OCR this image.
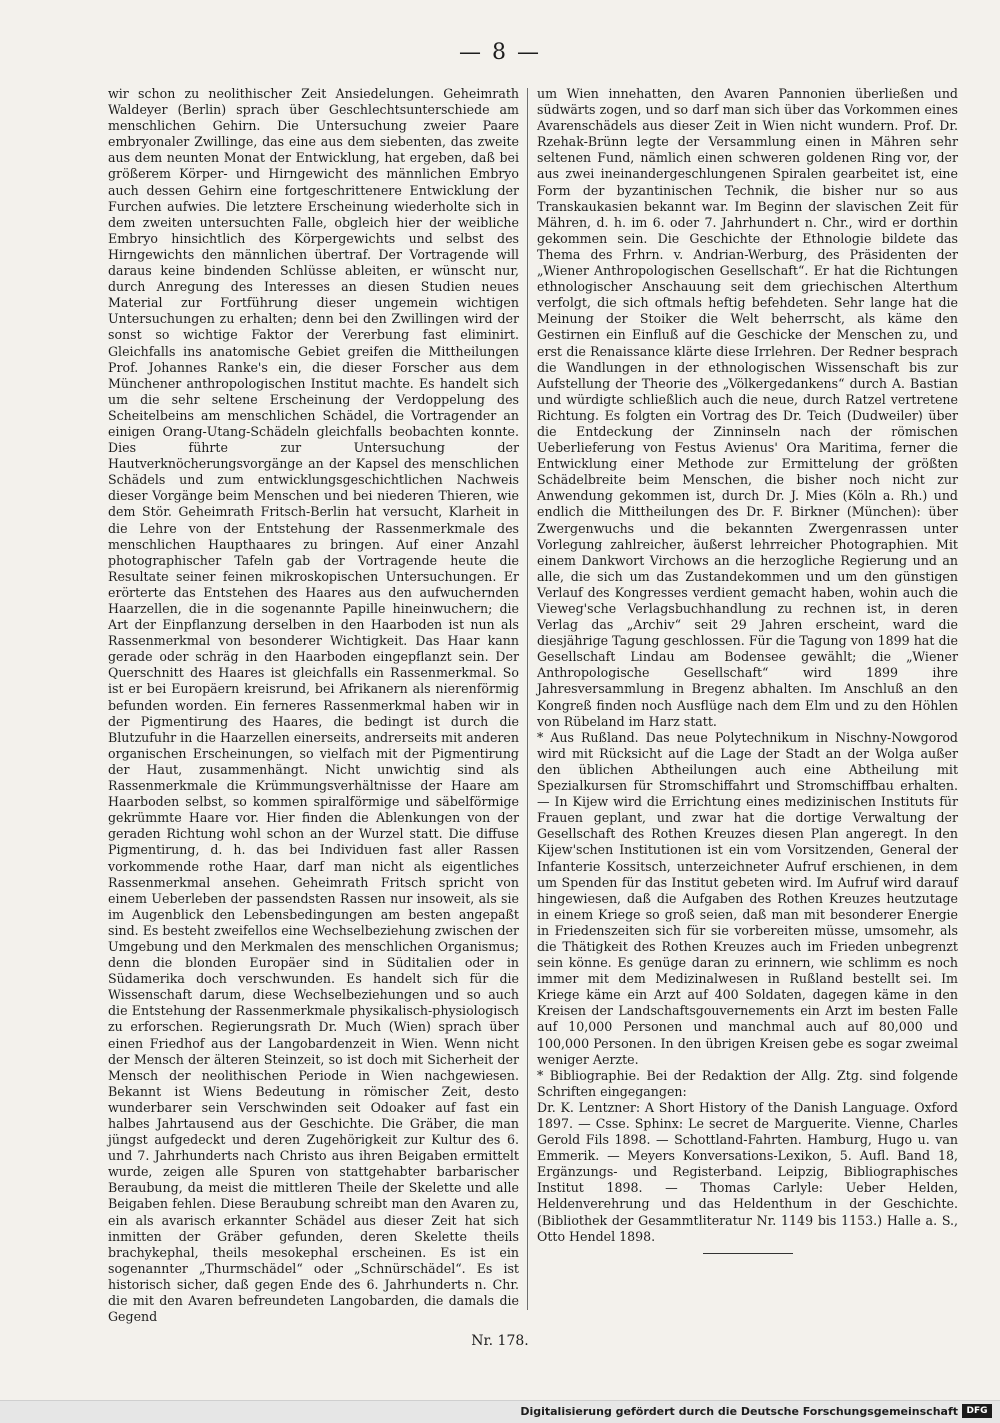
— 8 —

wir schon zu neolithischer Zeit Ansiedelungen. Geheimrath Waldeyer (Berlin) sprach über Geschlechtsunterschiede am menschlichen Gehirn. Die Untersuchung zweier Paare embryonaler Zwillinge, das eine aus dem siebenten, das zweite aus dem neunten Monat der Entwicklung, hat ergeben, daß bei größerem Körper- und Hirngewicht des männlichen Embryo auch dessen Gehirn eine fortgeschrittenere Entwicklung der Furchen aufwies. Die letztere Erscheinung wiederholte sich in dem zweiten untersuchten Falle, obgleich hier der weibliche Embryo hinsichtlich des Körpergewichts und selbst des Hirngewichts den männlichen übertraf. Der Vortragende will daraus keine bindenden Schlüsse ableiten, er wünscht nur, durch Anregung des Interesses an diesen Studien neues Material zur Fortführung dieser ungemein wichtigen Untersuchungen zu erhalten; denn bei den Zwillingen wird der sonst so wichtige Faktor der Vererbung fast eliminirt. Gleichfalls ins anatomische Gebiet greifen die Mittheilungen Prof. Johannes Ranke's ein, die dieser Forscher aus dem Münchener anthropologischen Institut machte. Es handelt sich um die sehr seltene Erscheinung der Verdoppelung des Scheitelbeins am menschlichen Schädel, die Vortragender an einigen Orang-Utang-Schädeln gleichfalls beobachten konnte. Dies führte zur Untersuchung der Hautverknöcherungsvorgänge an der Kapsel des menschlichen Schädels und zum entwicklungsgeschichtlichen Nachweis dieser Vorgänge beim Menschen und bei niederen Thieren, wie dem Stör. Geheimrath Fritsch-Berlin hat versucht, Klarheit in die Lehre von der Entstehung der Rassenmerkmale des menschlichen Haupthaares zu bringen. Auf einer Anzahl photographischer Tafeln gab der Vortragende heute die Resultate seiner feinen mikroskopischen Untersuchungen. Er erörterte das Entstehen des Haares aus den aufwuchernden Haarzellen, die in die sogenannte Papille hineinwuchern; die Art der Einpflanzung derselben in den Haarboden ist nun als Rassenmerkmal von besonderer Wichtigkeit. Das Haar kann gerade oder schräg in den Haarboden eingepflanzt sein. Der Querschnitt des Haares ist gleichfalls ein Rassenmerkmal. So ist er bei Europäern kreisrund, bei Afrikanern als nierenförmig befunden worden. Ein ferneres Rassenmerkmal haben wir in der Pigmentirung des Haares, die bedingt ist durch die Blutzufuhr in die Haarzellen einerseits, andrerseits mit anderen organischen Erscheinungen, so vielfach mit der Pigmentirung der Haut, zusammenhängt. Nicht unwichtig sind als Rassenmerkmale die Krümmungsverhältnisse der Haare am Haarboden selbst, so kommen spiralförmige und säbelförmige gekrümmte Haare vor. Hier finden die Ablenkungen von der geraden Richtung wohl schon an der Wurzel statt. Die diffuse Pigmentirung, d. h. das bei Individuen fast aller Rassen vorkommende rothe Haar, darf man nicht als eigentliches Rassenmerkmal ansehen. Geheimrath Fritsch spricht von einem Ueberleben der passendsten Rassen nur insoweit, als sie im Augenblick den Lebensbedingungen am besten angepaßt sind. Es besteht zweifellos eine Wechselbeziehung zwischen der Umgebung und den Merkmalen des menschlichen Organismus; denn die blonden Europäer sind in Süditalien oder in Südamerika doch verschwunden. Es handelt sich für die Wissenschaft darum, diese Wechselbeziehungen und so auch die Entstehung der Rassenmerkmale physikalisch-physiologisch zu erforschen. Regierungsrath Dr. Much (Wien) sprach über einen Friedhof aus der Langobardenzeit in Wien. Wenn nicht der Mensch der älteren Steinzeit, so ist doch mit Sicherheit der Mensch der neolithischen Periode in Wien nachgewiesen. Bekannt ist Wiens Bedeutung in römischer Zeit, desto wunderbarer sein Verschwinden seit Odoaker auf fast ein halbes Jahrtausend aus der Geschichte. Die Gräber, die man jüngst aufgedeckt und deren Zugehörigkeit zur Kultur des 6. und 7. Jahrhunderts nach Christo aus ihren Beigaben ermittelt wurde, zeigen alle Spuren von stattgehabter barbarischer Beraubung, da meist die mittleren Theile der Skelette und alle Beigaben fehlen. Diese Beraubung schreibt man den Avaren zu, ein als avarisch erkannter Schädel aus dieser Zeit hat sich inmitten der Gräber gefunden, deren Skelette theils brachykephal, theils mesokephal erscheinen. Es ist ein sogenannter „Thurmschädel“ oder „Schnürschädel“. Es ist historisch sicher, daß gegen Ende des 6. Jahrhunderts n. Chr. die mit den Avaren befreundeten Langobarden, die damals die Gegend

um Wien innehatten, den Avaren Pannonien überließen und südwärts zogen, und so darf man sich über das Vorkommen eines Avarenschädels aus dieser Zeit in Wien nicht wundern. Prof. Dr. Rzehak-Brünn legte der Versammlung einen in Mähren sehr seltenen Fund, nämlich einen schweren goldenen Ring vor, der aus zwei ineinandergeschlungenen Spiralen gearbeitet ist, eine Form der byzantinischen Technik, die bisher nur so aus Transkaukasien bekannt war. Im Beginn der slavischen Zeit für Mähren, d. h. im 6. oder 7. Jahrhundert n. Chr., wird er dorthin gekommen sein. Die Geschichte der Ethnologie bildete das Thema des Frhrn. v. Andrian-Werburg, des Präsidenten der „Wiener Anthropologischen Gesellschaft“. Er hat die Richtungen ethnologischer Anschauung seit dem griechischen Alterthum verfolgt, die sich oftmals heftig befehdeten. Sehr lange hat die Meinung der Stoiker die Welt beherrscht, als käme den Gestirnen ein Einfluß auf die Geschicke der Menschen zu, und erst die Renaissance klärte diese Irrlehren. Der Redner besprach die Wandlungen in der ethnologischen Wissenschaft bis zur Aufstellung der Theorie des „Völkergedankens“ durch A. Bastian und würdigte schließlich auch die neue, durch Ratzel vertretene Richtung. Es folgten ein Vortrag des Dr. Teich (Dudweiler) über die Entdeckung der Zinninseln nach der römischen Ueberlieferung von Festus Avienus' Ora Maritima, ferner die Entwicklung einer Methode zur Ermittelung der größten Schädelbreite beim Menschen, die bisher noch nicht zur Anwendung gekommen ist, durch Dr. J. Mies (Köln a. Rh.) und endlich die Mittheilungen des Dr. F. Birkner (München): über Zwergenwuchs und die bekannten Zwergenrassen unter Vorlegung zahlreicher, äußerst lehrreicher Photographien. Mit einem Dankwort Virchows an die herzogliche Regierung und an alle, die sich um das Zustandekommen und um den günstigen Verlauf des Kongresses verdient gemacht haben, wohin auch die Vieweg'sche Verlagsbuchhandlung zu rechnen ist, in deren Verlag das „Archiv“ seit 29 Jahren erscheint, ward die diesjährige Tagung geschlossen. Für die Tagung von 1899 hat die Gesellschaft Lindau am Bodensee gewählt; die „Wiener Anthropologische Gesellschaft“ wird 1899 ihre Jahresversammlung in Bregenz abhalten. Im Anschluß an den Kongreß finden noch Ausflüge nach dem Elm und zu den Höhlen von Rübeland im Harz statt.

* Aus Rußland. Das neue Polytechnikum in Nischny-Nowgorod wird mit Rücksicht auf die Lage der Stadt an der Wolga außer den üblichen Abtheilungen auch eine Abtheilung mit Spezialkursen für Stromschiffahrt und Stromschiffbau erhalten. — In Kijew wird die Errichtung eines medizinischen Instituts für Frauen geplant, und zwar hat die dortige Verwaltung der Gesellschaft des Rothen Kreuzes diesen Plan angeregt. In den Kijew'schen Institutionen ist ein vom Vorsitzenden, General der Infanterie Kossitsch, unterzeichneter Aufruf erschienen, in dem um Spenden für das Institut gebeten wird. Im Aufruf wird darauf hingewiesen, daß die Aufgaben des Rothen Kreuzes heutzutage in einem Kriege so groß seien, daß man mit besonderer Energie in Friedenszeiten sich für sie vorbereiten müsse, umsomehr, als die Thätigkeit des Rothen Kreuzes auch im Frieden unbegrenzt sein könne. Es genüge daran zu erinnern, wie schlimm es noch immer mit dem Medizinalwesen in Rußland bestellt sei. Im Kriege käme ein Arzt auf 400 Soldaten, dagegen käme in den Kreisen der Landschaftsgouvernements ein Arzt im besten Falle auf 10,000 Personen und manchmal auch auf 80,000 und 100,000 Personen. In den übrigen Kreisen gebe es sogar zweimal weniger Aerzte.

* Bibliographie. Bei der Redaktion der Allg. Ztg. sind folgende Schriften eingegangen:

Dr. K. Lentzner: A Short History of the Danish Language. Oxford 1897. — Csse. Sphinx: Le secret de Marguerite. Vienne, Charles Gerold Fils 1898. — Schottland-Fahrten. Hamburg, Hugo u. van Emmerik. — Meyers Konversations-Lexikon, 5. Aufl. Band 18, Ergänzungs- und Registerband. Leipzig, Bibliographisches Institut 1898. — Thomas Carlyle: Ueber Helden, Heldenverehrung und das Heldenthum in der Geschichte. (Bibliothek der Gesammtliteratur Nr. 1149 bis 1153.) Halle a. S., Otto Hendel 1898.

Nr. 178.
Digitalisierung gefördert durch die Deutsche Forschungsgemeinschaft DFG
